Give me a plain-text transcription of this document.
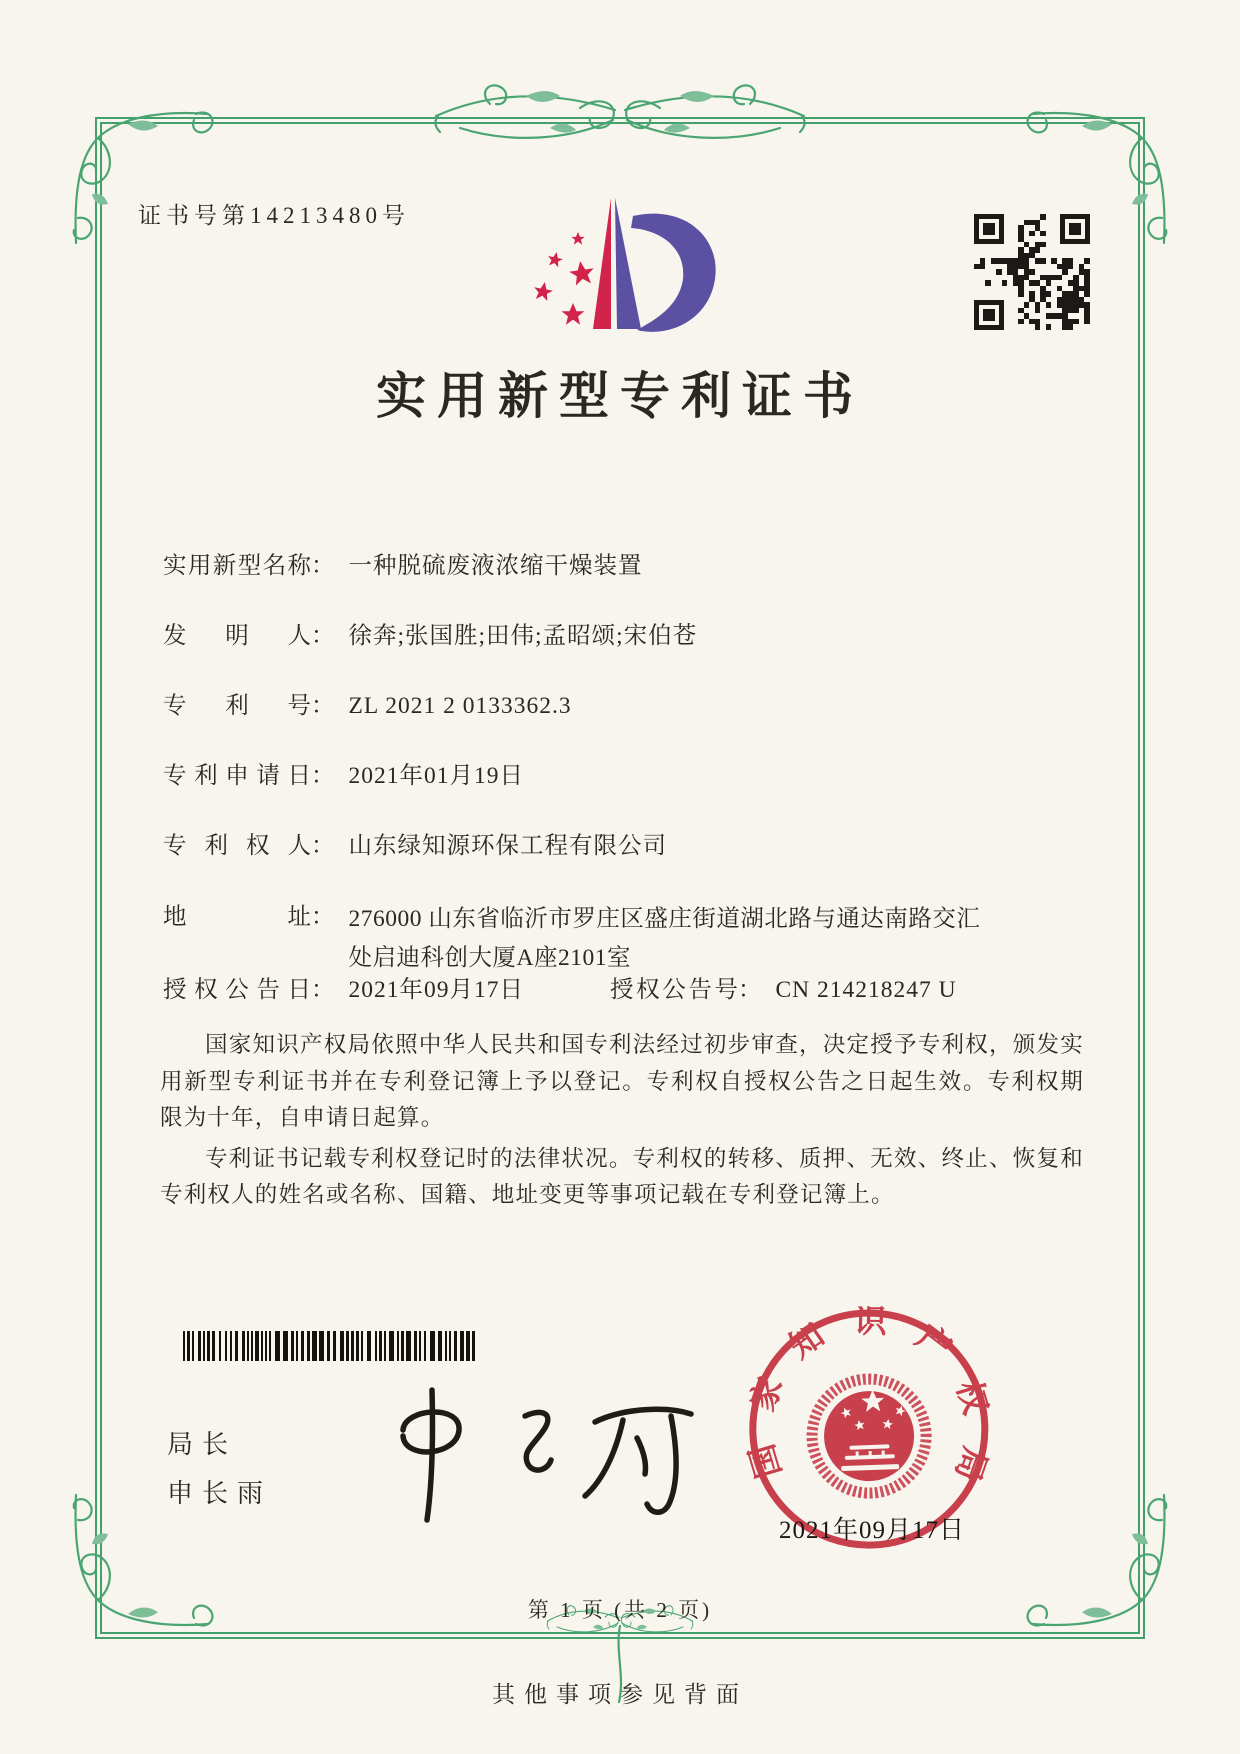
证书号第14213480号
实用新型专利证书
实用新型名称 ： 一种脱硫废液浓缩干燥装置
发明人 ： 徐奔;张国胜;田伟;孟昭颂;宋伯苍
专利号 ： ZL 2021 2 0133362.3
专利申请日 ： 2021年01月19日
专利权人 ： 山东绿知源环保工程有限公司
地址 ： 276000 山东省临沂市罗庄区盛庄街道湖北路与通达南路交汇处启迪科创大厦A座2101室
授权公告日 ： 2021年09月17日	授权公告号 ： CN 214218247 U

国家知识产权局依照中华人民共和国专利法经过初步审查，决定授予专利权，颁发实用新型专利证书并在专利登记簿上予以登记。专利权自授权公告之日起生效。专利权期限为十年，自申请日起算。

专利证书记载专利权登记时的法律状况。专利权的转移、质押、无效、终止、恢复和专利权人的姓名或名称、国籍、地址变更等事项记载在专利登记簿上。

局长
申长雨
国家知识产权局
2021年09月17日
第 1 页 (共 2 页)
其他事项参见背面
